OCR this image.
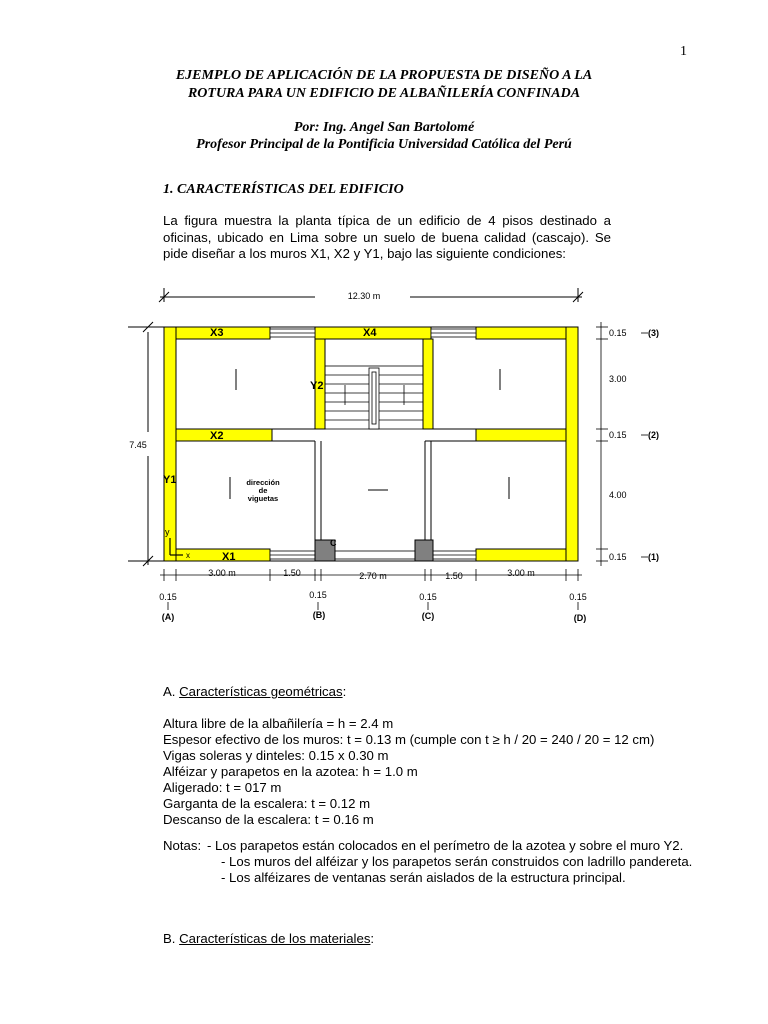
1
EJEMPLO DE APLICACIÓN DE LA PROPUESTA DE DISEÑO A LA
ROTURA PARA UN EDIFICIO DE ALBAÑILERÍA CONFINADA
Por: Ing. Angel San Bartolomé
Profesor Principal de la Pontificia Universidad Católica del Perú
1. CARACTERÍSTICAS DEL EDIFICIO
La figura muestra la planta típica de un edificio de 4 pisos destinado a oficinas, ubicado en Lima sobre un suelo de buena calidad (cascajo). Se pide diseñar a los muros X1, X2 y Y1, bajo las siguiente condiciones:
12.30 m
7.45
C
X3	X4
X2
X1
Y1
Y2
dirección
de
viguetas
y
x
0.15
3.00
0.15
4.00
0.15
(3)
(2)
(1)
3.00 m	1.50	2.70 m	1.50	3.00 m
0.15	0.15	0.15	0.15
(A)	(B)	(C)	(D)
A. Características geométricas:
Altura libre de la albañilería = h = 2.4 m
Espesor efectivo de los muros: t = 0.13 m (cumple con t ≥ h / 20 = 240 / 20 = 12 cm)
Vigas soleras y dinteles: 0.15 x 0.30 m
Alféizar y parapetos en la azotea: h = 1.0 m
Aligerado: t = 017 m
Garganta de la escalera: t = 0.12 m
Descanso de la escalera: t = 0.16 m
Notas: - Los parapetos están colocados en el perímetro de la azotea y sobre el muro Y2.
- Los muros del alféizar y los parapetos serán construidos con ladrillo pandereta.
- Los alféizares de ventanas serán aislados de la estructura principal.
B. Características de los materiales:
